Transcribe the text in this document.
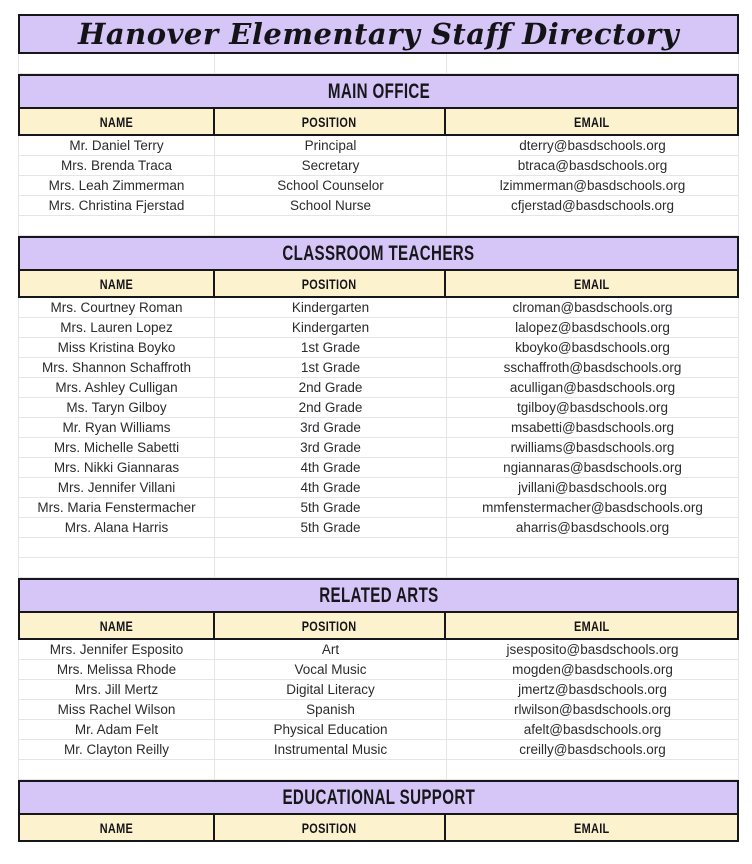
Hanover Elementary Staff Directory
MAIN OFFICE
NAME	POSITION	EMAIL
Mr. Daniel Terry	Principal	dterry@basdschools.org
Mrs. Brenda Traca	Secretary	btraca@basdschools.org
Mrs. Leah Zimmerman	School Counselor	lzimmerman@basdschools.org
Mrs. Christina Fjerstad	School Nurse	cfjerstad@basdschools.org
CLASSROOM TEACHERS
NAME	POSITION	EMAIL
Mrs. Courtney Roman	Kindergarten	clroman@basdschools.org
Mrs. Lauren Lopez	Kindergarten	lalopez@basdschools.org
Miss Kristina Boyko	1st Grade	kboyko@basdschools.org
Mrs. Shannon Schaffroth	1st Grade	sschaffroth@basdschools.org
Mrs. Ashley Culligan	2nd Grade	aculligan@basdschools.org
Ms. Taryn Gilboy	2nd Grade	tgilboy@basdschools.org
Mr. Ryan Williams	3rd Grade	msabetti@basdschools.org
Mrs. Michelle Sabetti	3rd Grade	rwilliams@basdschools.org
Mrs. Nikki Giannaras	4th Grade	ngiannaras@basdschools.org
Mrs. Jennifer Villani	4th Grade	jvillani@basdschools.org
Mrs. Maria Fenstermacher	5th Grade	mmfenstermacher@basdschools.org
Mrs. Alana Harris	5th Grade	aharris@basdschools.org
RELATED ARTS
NAME	POSITION	EMAIL
Mrs. Jennifer Esposito	Art	jsesposito@basdschools.org
Mrs. Melissa Rhode	Vocal Music	mogden@basdschools.org
Mrs. Jill Mertz	Digital Literacy	jmertz@basdschools.org
Miss Rachel Wilson	Spanish	rlwilson@basdschools.org
Mr. Adam Felt	Physical Education	afelt@basdschools.org
Mr. Clayton Reilly	Instrumental Music	creilly@basdschools.org
EDUCATIONAL SUPPORT
NAME	POSITION	EMAIL
